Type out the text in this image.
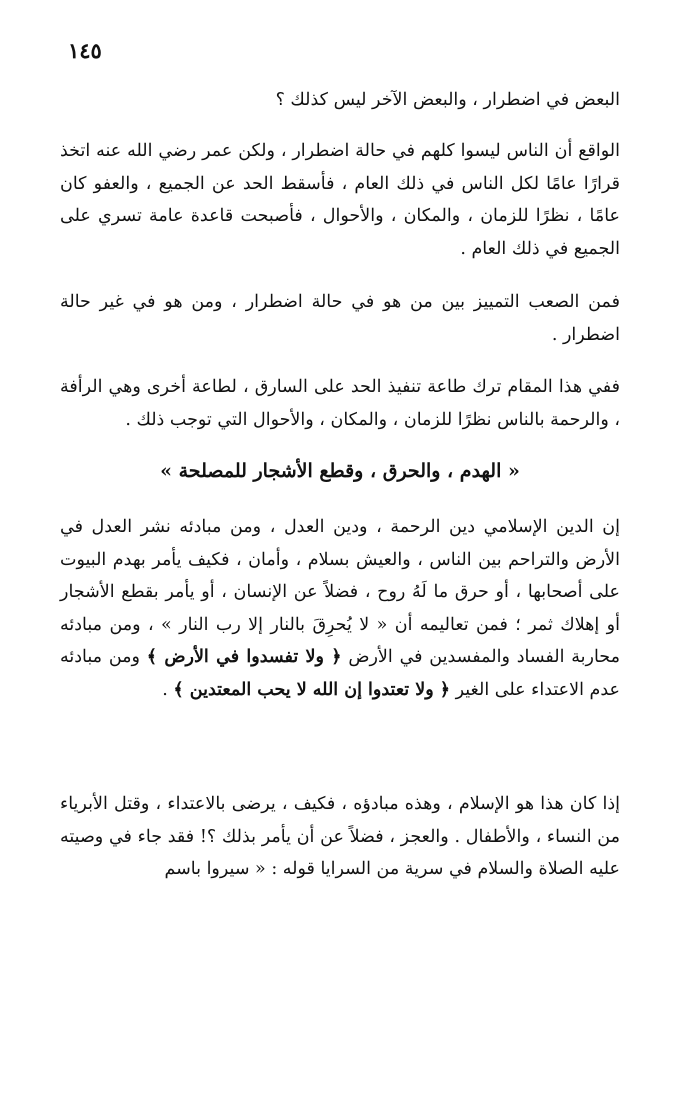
١٤٥

البعض في اضطرار ، والبعض الآخر ليس كذلك ؟

الواقع أن الناس ليسوا كلهم في حالة اضطرار ، ولكن عمر رضي الله عنه اتخذ قرارًا عامًا لكل الناس في ذلك العام ، فأسقط الحد عن الجميع ، والعفو كان عامًا ، نظرًا للزمان ، والمكان ، والأحوال ، فأصبحت قاعدة عامة تسري على الجميع في ذلك العام .

فمن الصعب التمييز بين من هو في حالة اضطرار ، ومن هو في غير حالة اضطرار .

ففي هذا المقام ترك طاعة تنفيذ الحد على السارق ، لطاعة أخرى وهي الرأفة ، والرحمة بالناس نظرًا للزمان ، والمكان ، والأحوال التي توجب ذلك .

« الهدم ، والحرق ، وقطع الأشجار للمصلحة »

إن الدين الإسلامي دين الرحمة ، ودين العدل ، ومن مبادئه نشر العدل في الأرض والتراحم بين الناس ، والعيش بسلام ، وأمان ، فكيف يأمر بهدم البيوت على أصحابها ، أو حرق ما لَهُ روح ، فضلاً عن الإنسان ، أو يأمر بقطع الأشجار أو إهلاك ثمر ؛ فمن تعاليمه أن « لا يُحرِقَ بالنار إلا رب النار » ، ومن مبادئه محاربة الفساد والمفسدين في الأرض ﴿ ولا تفسدوا في الأرض ﴾ ومن مبادئه عدم الاعتداء على الغير ﴿ ولا تعتدوا إن الله لا يحب المعتدين ﴾ .

إذا كان هذا هو الإسلام ، وهذه مبادؤه ، فكيف ، يرضى بالاعتداء ، وقتل الأبرياء من النساء ، والأطفال . والعجز ، فضلاً عن أن يأمر بذلك ؟! فقد جاء في وصيته عليه الصلاة والسلام في سرية من السرايا قوله : « سيروا باسم
